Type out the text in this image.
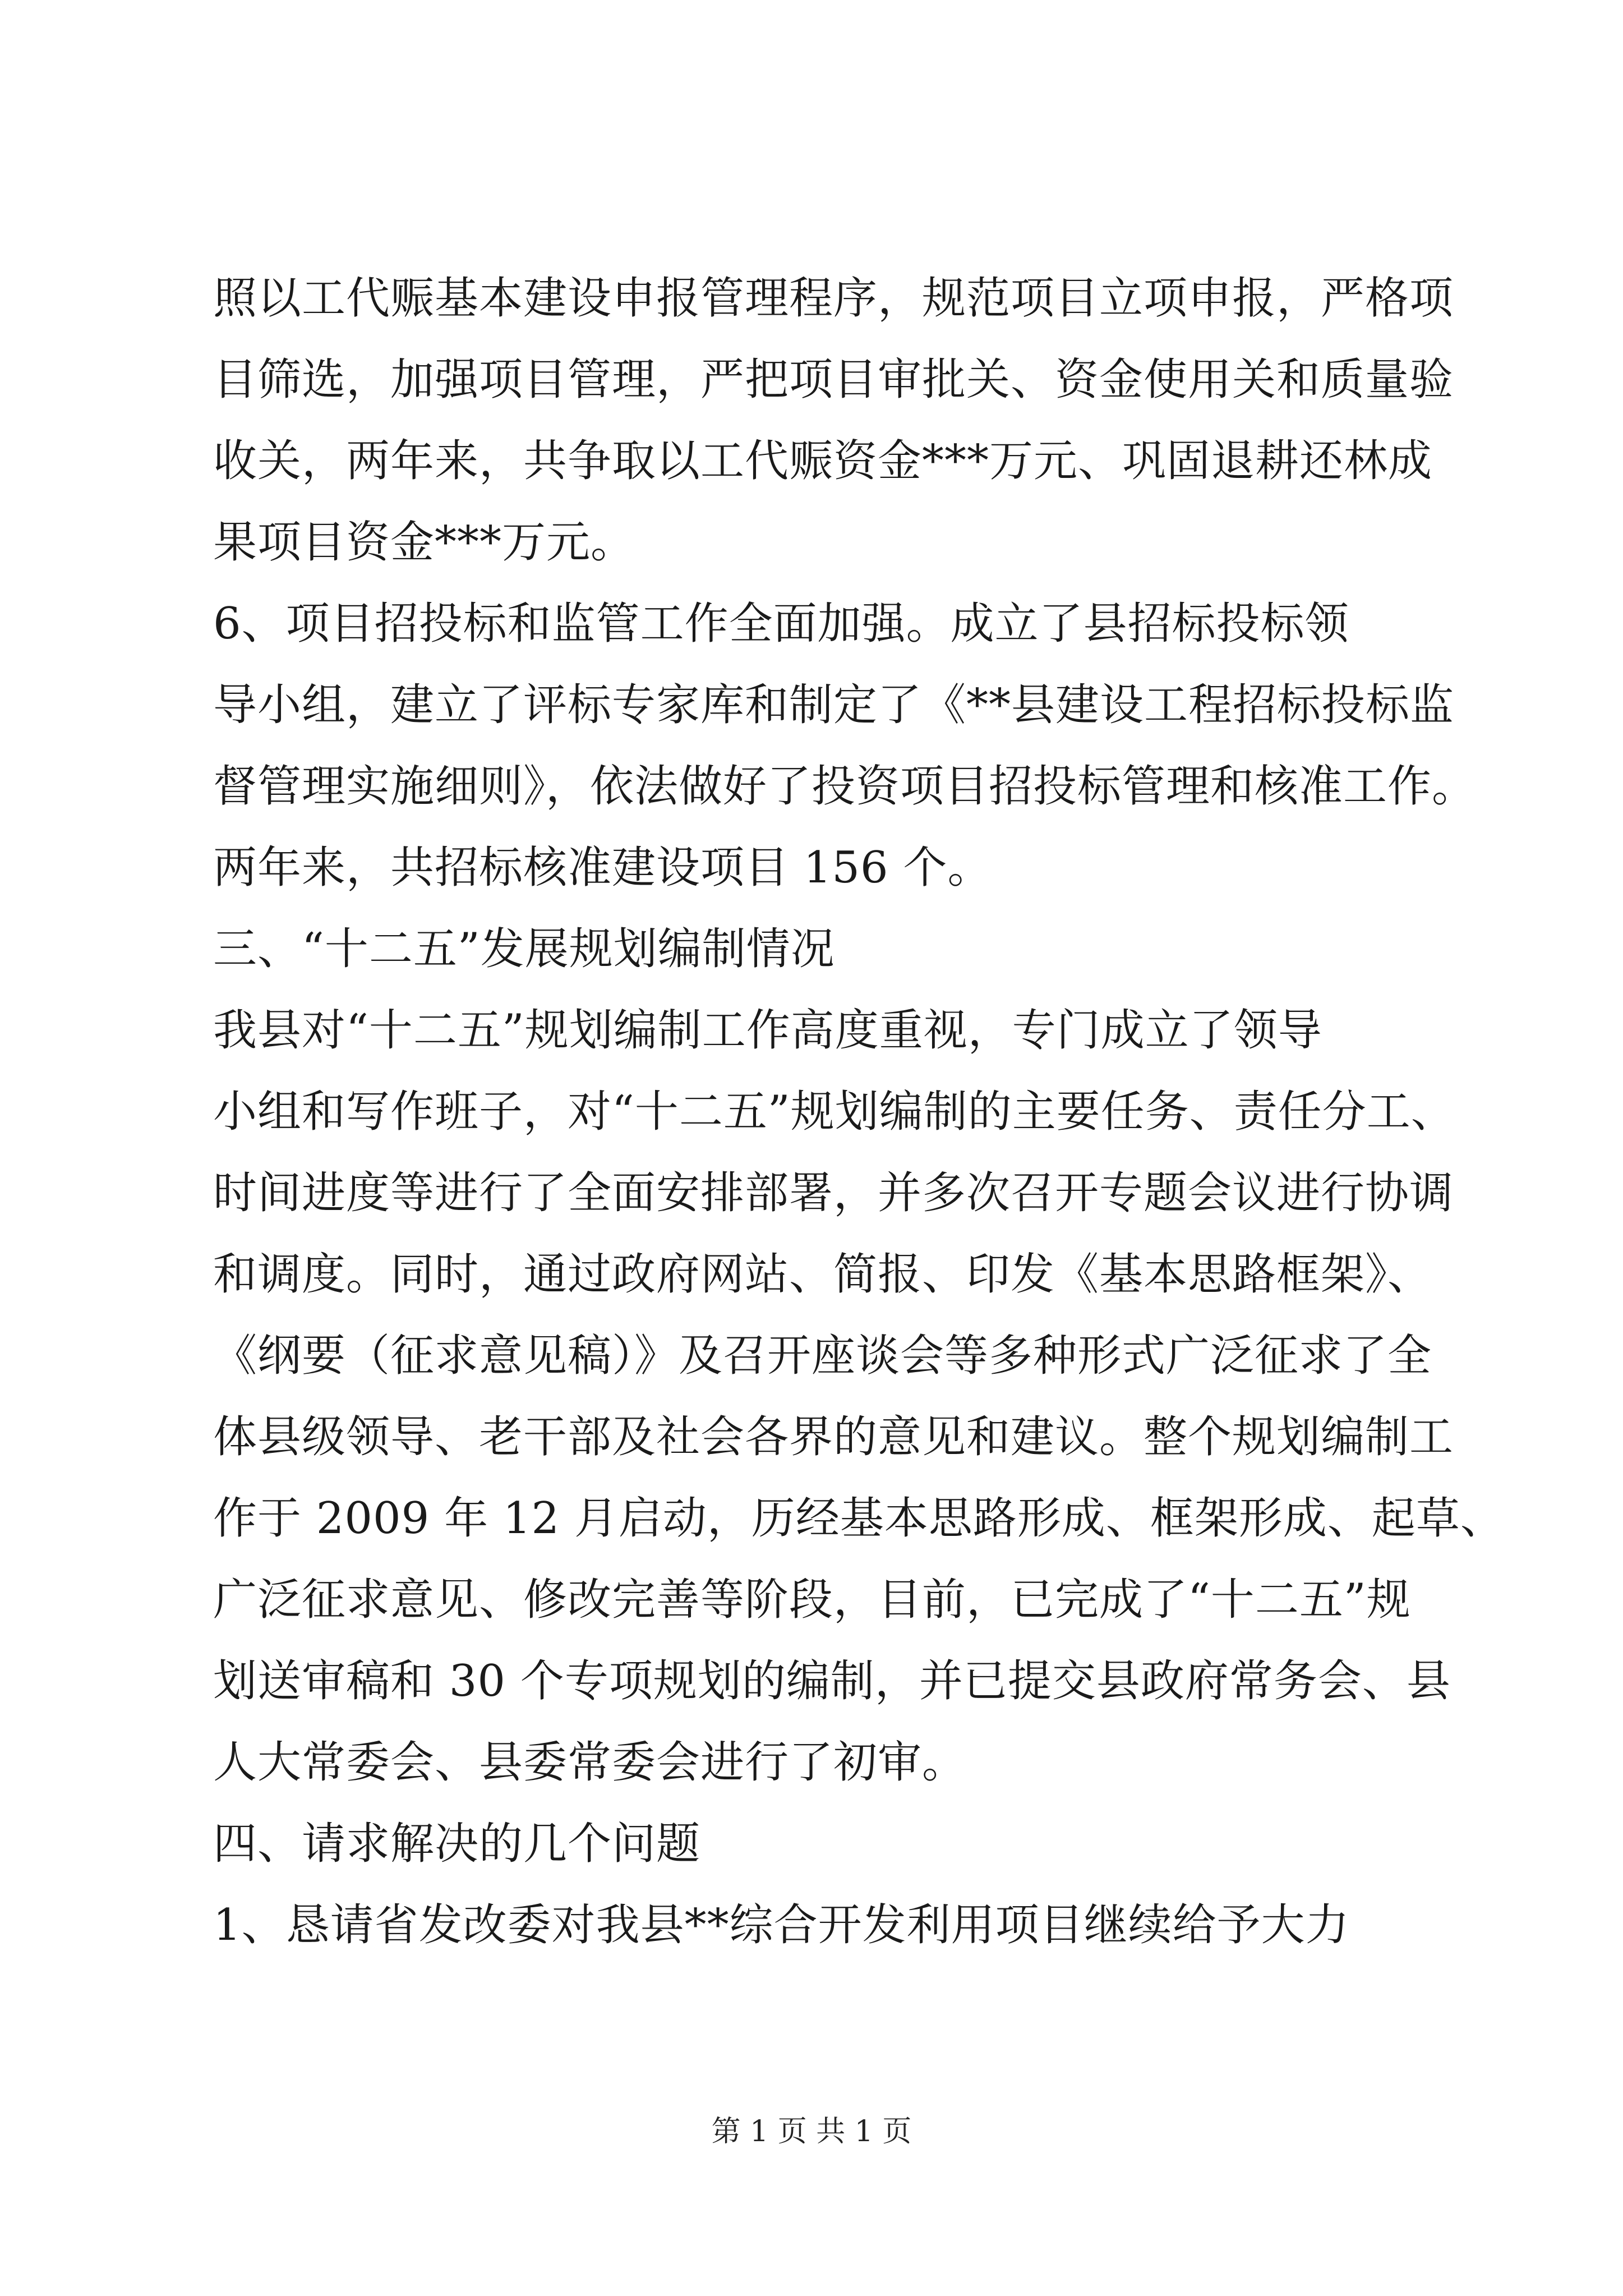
照以工代赈基本建设申报管理程序，规范项目立项申报，严格项
目筛选，加强项目管理，严把项目审批关、资金使用关和质量验
收关，两年来，共争取以工代赈资金***万元、巩固退耕还林成
果项目资金***万元。
6、项目招投标和监管工作全面加强。成立了县招标投标领
导小组，建立了评标专家库和制定了《**县建设工程招标投标监
督管理实施细则》，依法做好了投资项目招投标管理和核准工作。
两年来，共招标核准建设项目 156 个。
三、“十二五”发展规划编制情况
我县对“十二五”规划编制工作高度重视，专门成立了领导
小组和写作班子，对“十二五”规划编制的主要任务、责任分工、
时间进度等进行了全面安排部署，并多次召开专题会议进行协调
和调度。同时，通过政府网站、简报、印发《基本思路框架》、
《纲要（征求意见稿）》及召开座谈会等多种形式广泛征求了全
体县级领导、老干部及社会各界的意见和建议。整个规划编制工
作于 2009 年 12 月启动，历经基本思路形成、框架形成、起草、
广泛征求意见、修改完善等阶段，目前，已完成了“十二五”规
划送审稿和 30 个专项规划的编制，并已提交县政府常务会、县
人大常委会、县委常委会进行了初审。
四、请求解决的几个问题
1、恳请省发改委对我县**综合开发利用项目继续给予大力
第 1 页 共 1 页
